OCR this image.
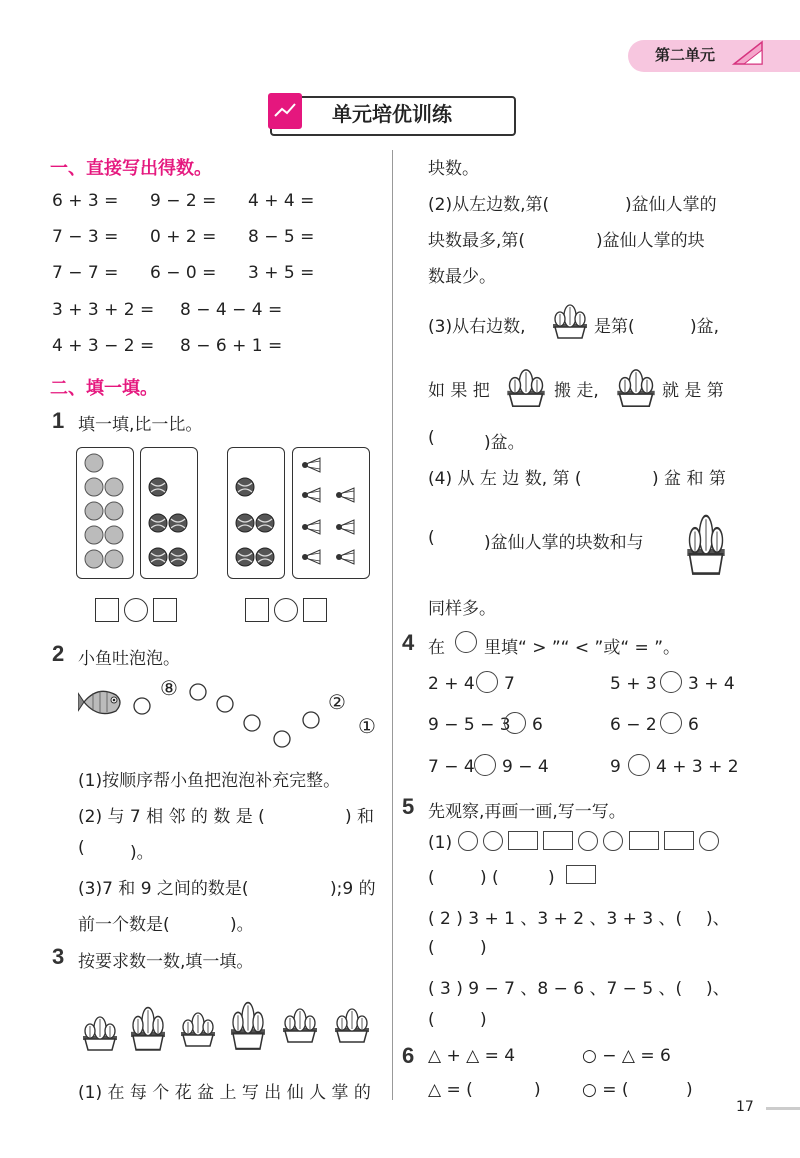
第二单元
单元培优训练
一、直接写出得数。
6 + 3 = 9 − 2 = 4 + 4 =
7 − 3 = 0 + 2 = 8 − 5 =
7 − 7 = 6 − 0 = 3 + 5 =
3 + 3 + 2 = 8 − 4 − 4 =
4 + 3 − 2 = 8 − 6 + 1 =
二、填一填。
1 填一填,比一比。

2 小鱼吐泡泡。
⑧
②
①
(1)按顺序帮小鱼把泡泡补充完整。
(2) 与 7 相 邻 的 数 是 (	) 和
(	)。
(3)7 和 9 之间的数是(	);9 的
前一个数是(	)。
3 按要求数一数,填一填。
(1) 在 每 个 花 盆 上 写 出 仙 人 掌 的
块数。
(2)从左边数,第(	)盆仙人掌的
块数最多,第(	)盆仙人掌的块
数最少。
(3)从右边数,	是第(	)盆,
如 果 把	搬 走,	就 是 第
(	)盆。
(4) 从 左 边 数, 第 (	) 盆 和 第
(	)盆仙人掌的块数和与
同样多。
4 在 里填“ > ”“ < ”或“ = ”。
2 + 4 7	5 + 3 3 + 4
9 − 5 − 3 6	6 − 2 6
7 − 4 9 − 4	9 4 + 3 + 2
5 先观察,再画一画,写一写。
(1)

(	) (	)
( 2 ) 3 + 1 、3 + 2 、3 + 3 、( )、
(	)
( 3 ) 9 − 7 、8 − 6 、7 − 5 、( )、
(	)
6 △ + △ = 4	○ − △ = 6
△ = (	) ○ = (	)
17
